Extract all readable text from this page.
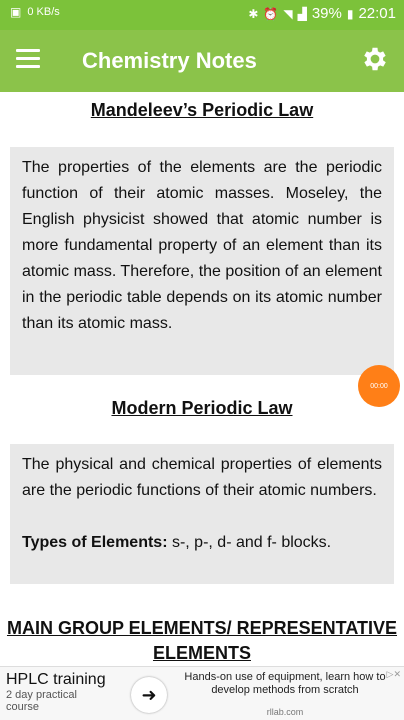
▣ 0 KB/s	✱ ⏰ ◥ ▟ 39% ▮ 22:01
Chemistry Notes
Mandeleev’s Periodic Law

The properties of the elements are the periodic function of their atomic masses. Moseley, the English physicist showed that atomic number is more fundamental property of an element than its atomic mass. Therefore, the position of an element in the periodic table depends on its atomic number than its atomic mass.

Modern Periodic Law

The physical and chemical properties of elements are the periodic functions of their atomic numbers.

Types of Elements: s-, p-, d- and f- blocks.

MAIN GROUP ELEMENTS/ REPRESENTATIVE ELEMENTS
00:00
HPLC training
2 day practical course
➜
Hands-on use of equipment, learn how to develop methods from scratch
rllab.com
▷✕
